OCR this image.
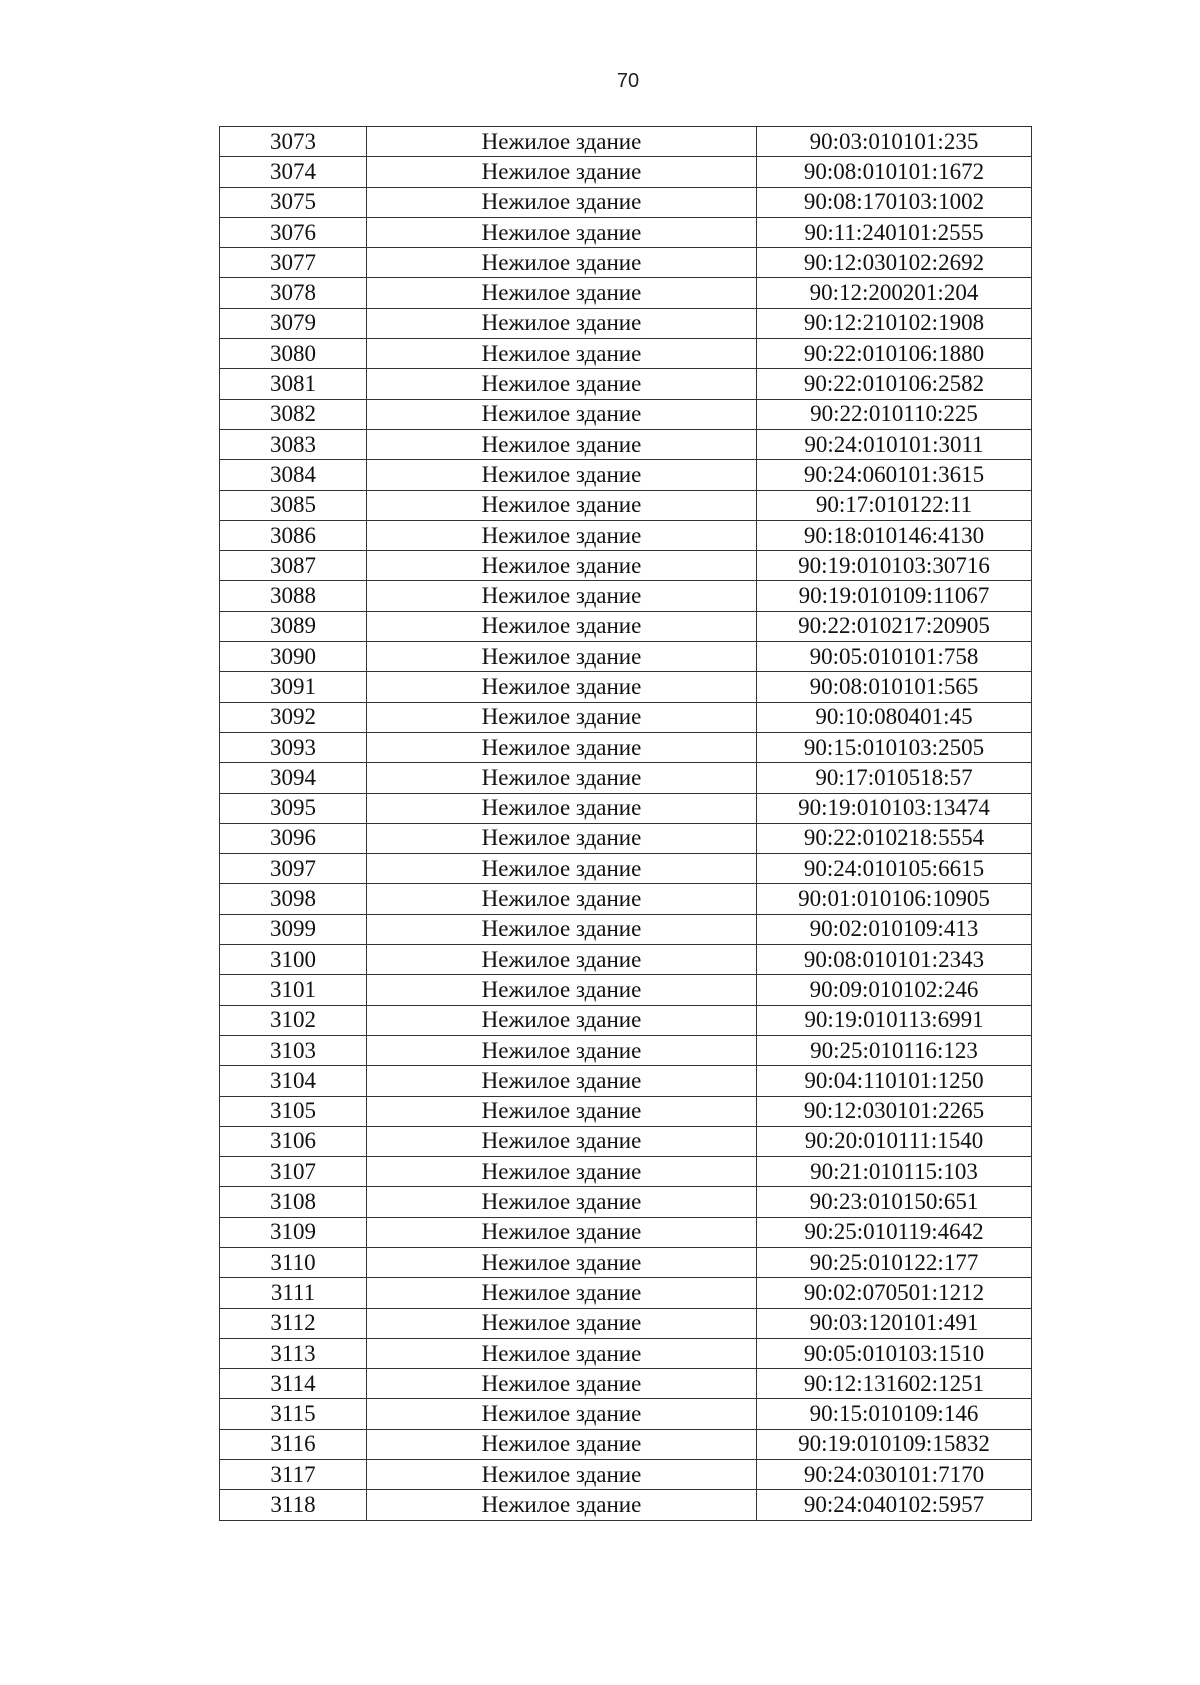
70
3073	Нежилое здание	90:03:010101:235
3074	Нежилое здание	90:08:010101:1672
3075	Нежилое здание	90:08:170103:1002
3076	Нежилое здание	90:11:240101:2555
3077	Нежилое здание	90:12:030102:2692
3078	Нежилое здание	90:12:200201:204
3079	Нежилое здание	90:12:210102:1908
3080	Нежилое здание	90:22:010106:1880
3081	Нежилое здание	90:22:010106:2582
3082	Нежилое здание	90:22:010110:225
3083	Нежилое здание	90:24:010101:3011
3084	Нежилое здание	90:24:060101:3615
3085	Нежилое здание	90:17:010122:11
3086	Нежилое здание	90:18:010146:4130
3087	Нежилое здание	90:19:010103:30716
3088	Нежилое здание	90:19:010109:11067
3089	Нежилое здание	90:22:010217:20905
3090	Нежилое здание	90:05:010101:758
3091	Нежилое здание	90:08:010101:565
3092	Нежилое здание	90:10:080401:45
3093	Нежилое здание	90:15:010103:2505
3094	Нежилое здание	90:17:010518:57
3095	Нежилое здание	90:19:010103:13474
3096	Нежилое здание	90:22:010218:5554
3097	Нежилое здание	90:24:010105:6615
3098	Нежилое здание	90:01:010106:10905
3099	Нежилое здание	90:02:010109:413
3100	Нежилое здание	90:08:010101:2343
3101	Нежилое здание	90:09:010102:246
3102	Нежилое здание	90:19:010113:6991
3103	Нежилое здание	90:25:010116:123
3104	Нежилое здание	90:04:110101:1250
3105	Нежилое здание	90:12:030101:2265
3106	Нежилое здание	90:20:010111:1540
3107	Нежилое здание	90:21:010115:103
3108	Нежилое здание	90:23:010150:651
3109	Нежилое здание	90:25:010119:4642
3110	Нежилое здание	90:25:010122:177
3111	Нежилое здание	90:02:070501:1212
3112	Нежилое здание	90:03:120101:491
3113	Нежилое здание	90:05:010103:1510
3114	Нежилое здание	90:12:131602:1251
3115	Нежилое здание	90:15:010109:146
3116	Нежилое здание	90:19:010109:15832
3117	Нежилое здание	90:24:030101:7170
3118	Нежилое здание	90:24:040102:5957
